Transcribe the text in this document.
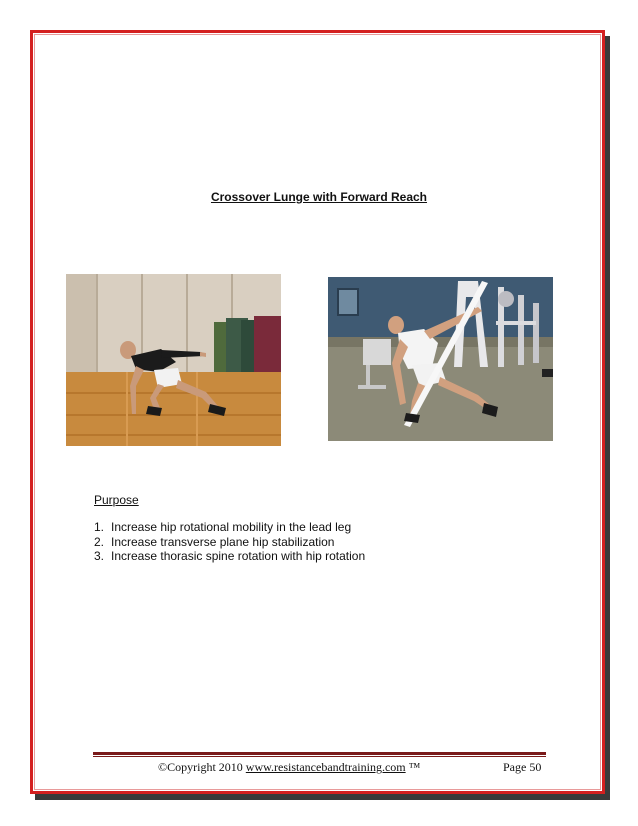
Crossover Lunge with Forward Reach
Purpose
1. Increase hip rotational mobility in the lead leg
2. Increase transverse plane hip stabilization
3. Increase thorasic spine rotation with hip rotation
©Copyright 2010 www.resistancebandtraining.com ™	Page 50
